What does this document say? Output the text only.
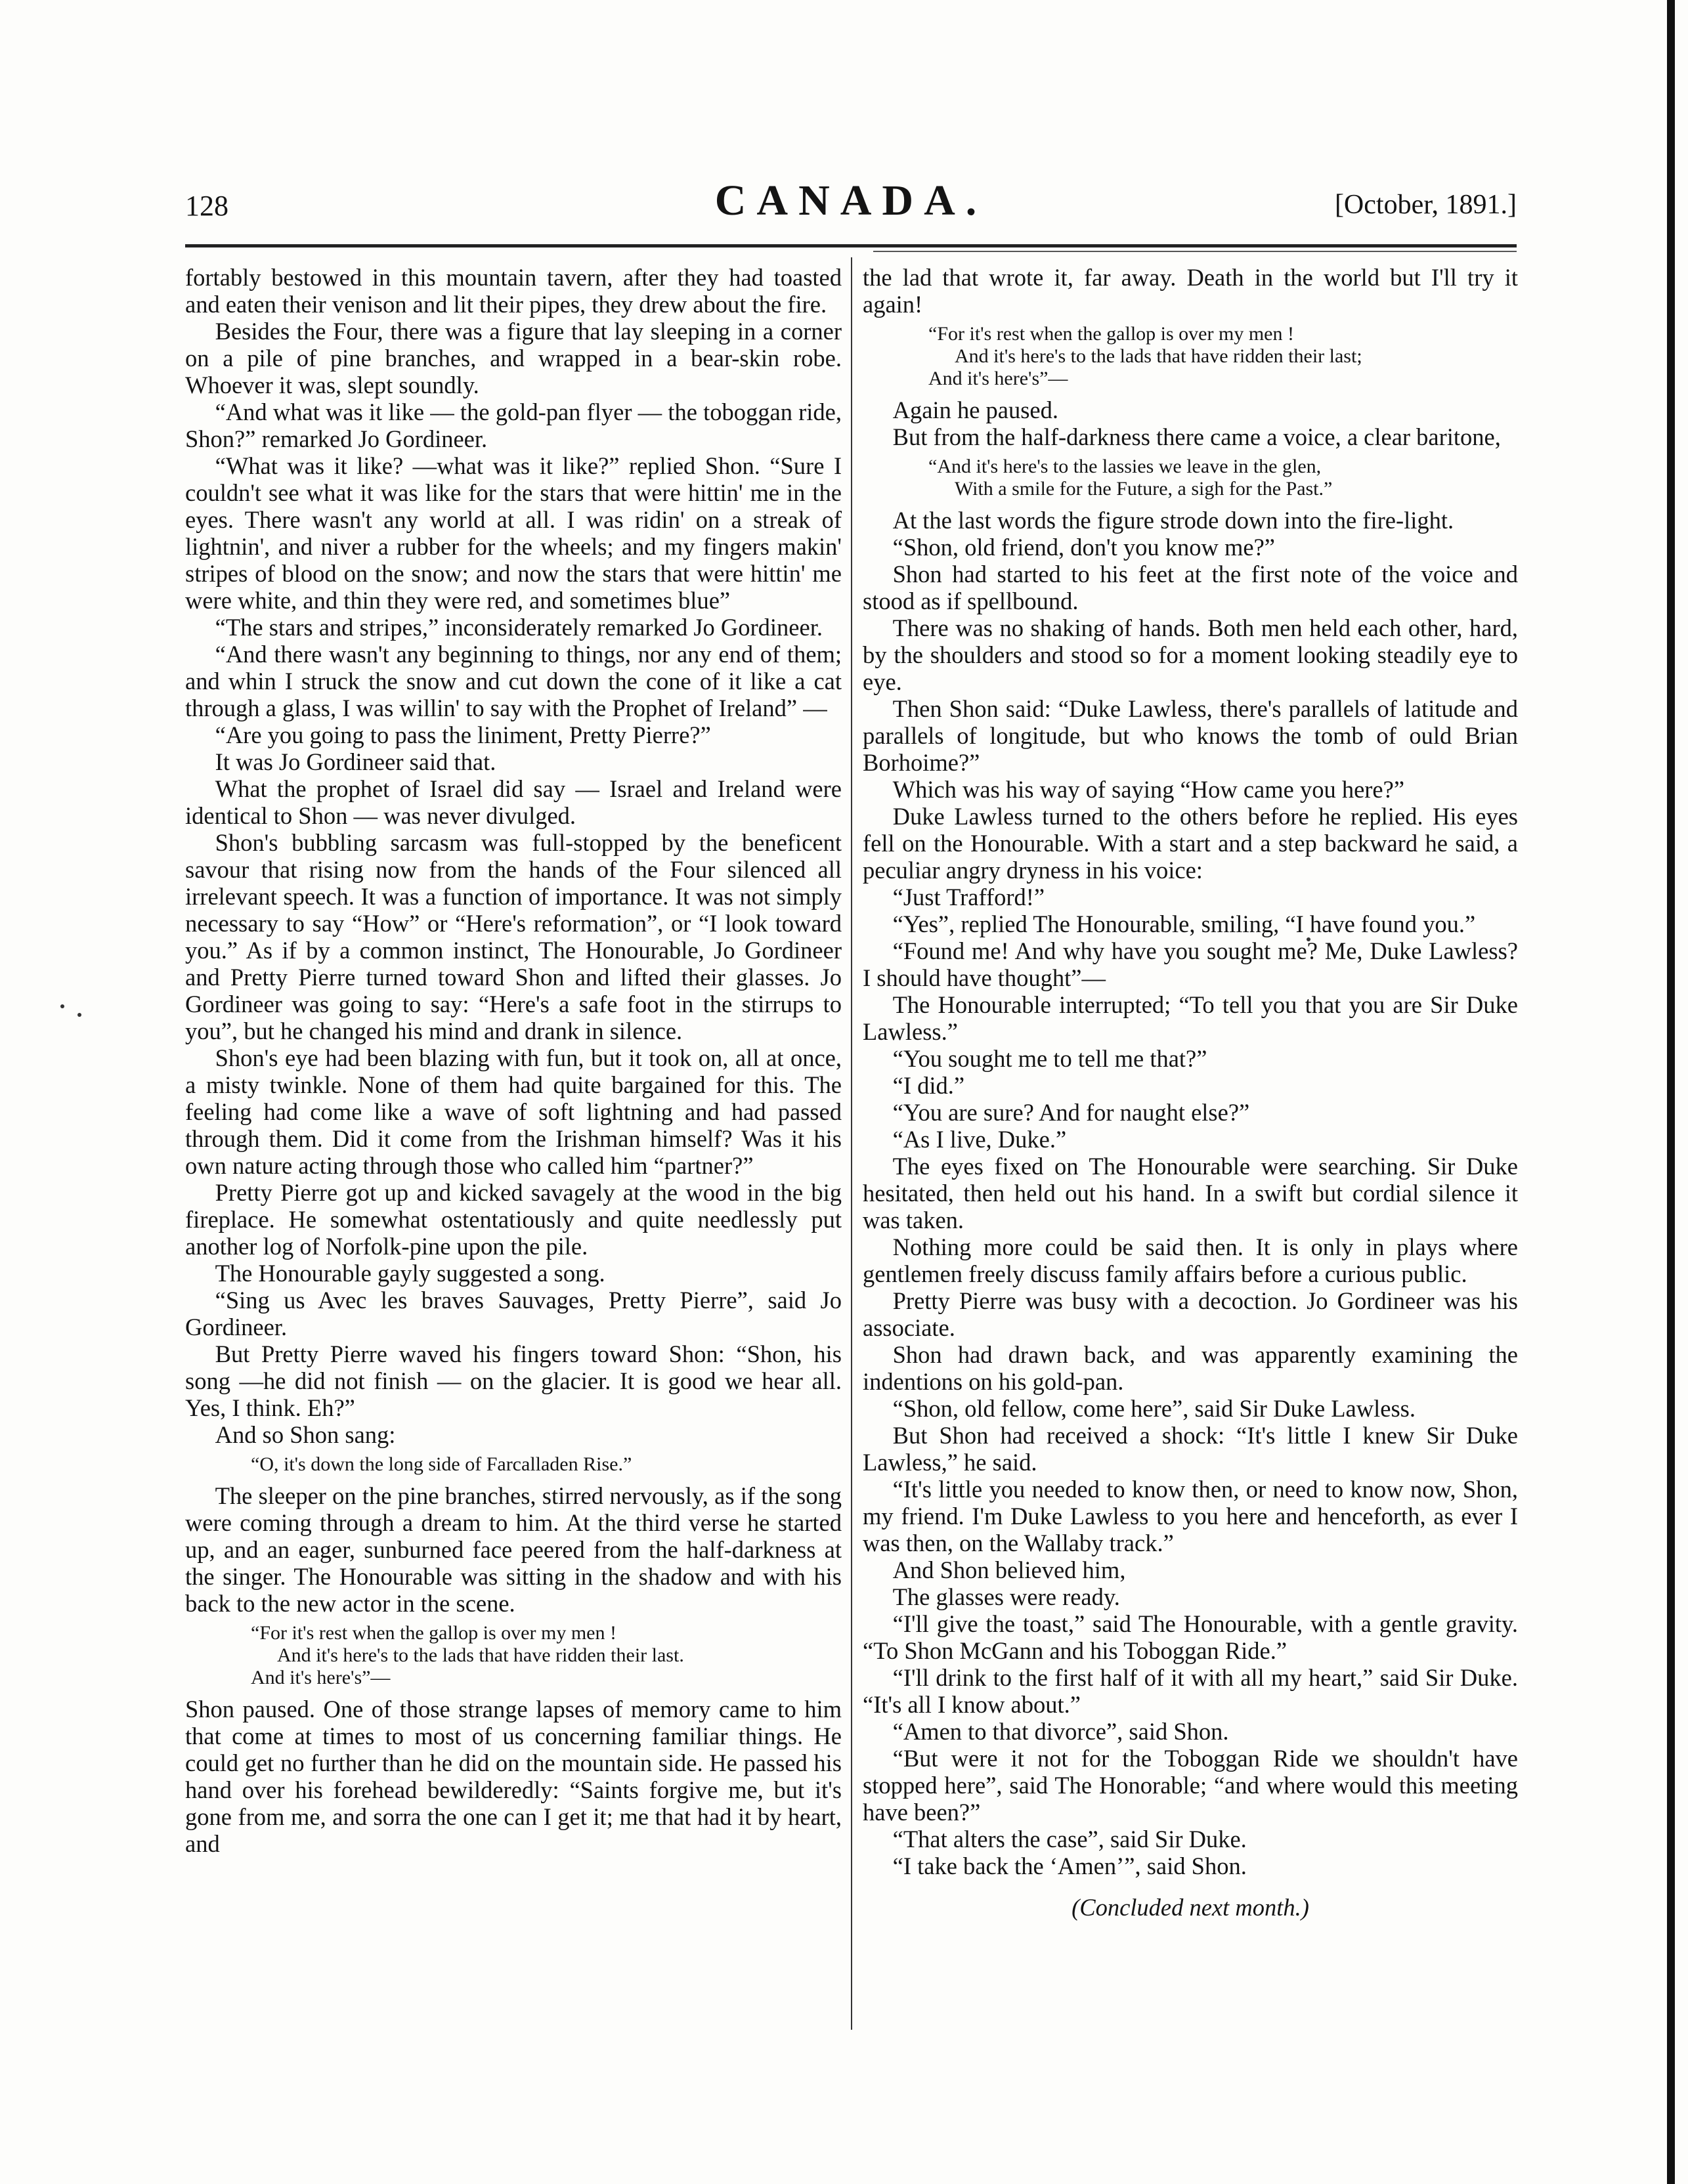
128	CANADA.	[October, 1891.]

fortably bestowed in this mountain tavern, after they had toasted and eaten their venison and lit their pipes, they drew about the fire.

Besides the Four, there was a figure that lay sleeping in a corner on a pile of pine branches, and wrapped in a bear-skin robe. Whoever it was, slept soundly.

“And what was it like — the gold-pan flyer — the toboggan ride, Shon?” remarked Jo Gordineer.

“What was it like? —what was it like?” replied Shon. “Sure I couldn't see what it was like for the stars that were hittin' me in the eyes. There wasn't any world at all. I was ridin' on a streak of lightnin', and niver a rubber for the wheels; and my fingers makin' stripes of blood on the snow; and now the stars that were hittin' me were white, and thin they were red, and sometimes blue”

“The stars and stripes,” inconsiderately remarked Jo Gordineer.

“And there wasn't any beginning to things, nor any end of them; and whin I struck the snow and cut down the cone of it like a cat through a glass, I was willin' to say with the Prophet of Ireland” —

“Are you going to pass the liniment, Pretty Pierre?”

It was Jo Gordineer said that.

What the prophet of Israel did say — Israel and Ireland were identical to Shon — was never divulged.

Shon's bubbling sarcasm was full-stopped by the beneficent savour that rising now from the hands of the Four silenced all irrelevant speech. It was a function of importance. It was not simply necessary to say “How” or “Here's reformation”, or “I look toward you.” As if by a common instinct, The Honourable, Jo Gordineer and Pretty Pierre turned toward Shon and lifted their glasses. Jo Gordineer was going to say: “Here's a safe foot in the stirrups to you”, but he changed his mind and drank in silence.

Shon's eye had been blazing with fun, but it took on, all at once, a misty twinkle. None of them had quite bargained for this. The feeling had come like a wave of soft lightning and had passed through them. Did it come from the Irishman himself? Was it his own nature acting through those who called him “partner?”

Pretty Pierre got up and kicked savagely at the wood in the big fireplace. He somewhat ostentatiously and quite needlessly put another log of Norfolk-pine upon the pile.

The Honourable gayly suggested a song.

“Sing us Avec les braves Sauvages, Pretty Pierre”, said Jo Gordineer.

But Pretty Pierre waved his fingers toward Shon: “Shon, his song —he did not finish — on the glacier. It is good we hear all. Yes, I think. Eh?”

And so Shon sang:

“O, it's down the long side of Farcalladen Rise.”

The sleeper on the pine branches, stirred nervously, as if the song were coming through a dream to him. At the third verse he started up, and an eager, sunburned face peered from the half-darkness at the singer. The Honourable was sitting in the shadow and with his back to the new actor in the scene.

“For it's rest when the gallop is over my men !
And it's here's to the lads that have ridden their last.
And it's here's”—

Shon paused. One of those strange lapses of memory came to him that come at times to most of us concerning familiar things. He could get no further than he did on the mountain side. He passed his hand over his forehead bewilderedly: “Saints forgive me, but it's gone from me, and sorra the one can I get it; me that had it by heart, and

the lad that wrote it, far away. Death in the world but I'll try it again!

“For it's rest when the gallop is over my men !
And it's here's to the lads that have ridden their last;
And it's here's”—

Again he paused.

But from the half-darkness there came a voice, a clear baritone,

“And it's here's to the lassies we leave in the glen,
With a smile for the Future, a sigh for the Past.”

At the last words the figure strode down into the fire-light.

“Shon, old friend, don't you know me?”

Shon had started to his feet at the first note of the voice and stood as if spellbound.

There was no shaking of hands. Both men held each other, hard, by the shoulders and stood so for a moment looking steadily eye to eye.

Then Shon said: “Duke Lawless, there's parallels of latitude and parallels of longitude, but who knows the tomb of ould Brian Borhoime?”

Which was his way of saying “How came you here?”

Duke Lawless turned to the others before he replied. His eyes fell on the Honourable. With a start and a step backward he said, a peculiar angry dryness in his voice:

“Just Trafford!”

“Yes”, replied The Honourable, smiling, “I have found you.”

“Found me! And why have you sought me? Me, Duke Lawless? I should have thought”—

The Honourable interrupted; “To tell you that you are Sir Duke Lawless.”

“You sought me to tell me that?”

“I did.”

“You are sure? And for naught else?”

“As I live, Duke.”

The eyes fixed on The Honourable were searching. Sir Duke hesitated, then held out his hand. In a swift but cordial silence it was taken.

Nothing more could be said then. It is only in plays where gentlemen freely discuss family affairs before a curious public.

Pretty Pierre was busy with a decoction. Jo Gordineer was his associate.

Shon had drawn back, and was apparently examining the indentions on his gold-pan.

“Shon, old fellow, come here”, said Sir Duke Lawless.

But Shon had received a shock: “It's little I knew Sir Duke Lawless,” he said.

“It's little you needed to know then, or need to know now, Shon, my friend. I'm Duke Lawless to you here and henceforth, as ever I was then, on the Wallaby track.”

And Shon believed him,

The glasses were ready.

“I'll give the toast,” said The Honourable, with a gentle gravity. “To Shon McGann and his Toboggan Ride.”

“I'll drink to the first half of it with all my heart,” said Sir Duke. “It's all I know about.”

“Amen to that divorce”, said Shon.

“But were it not for the Toboggan Ride we shouldn't have stopped here”, said The Honorable; “and where would this meeting have been?”

“That alters the case”, said Sir Duke.

“I take back the ‘Amen’”, said Shon.

(Concluded next month.)
